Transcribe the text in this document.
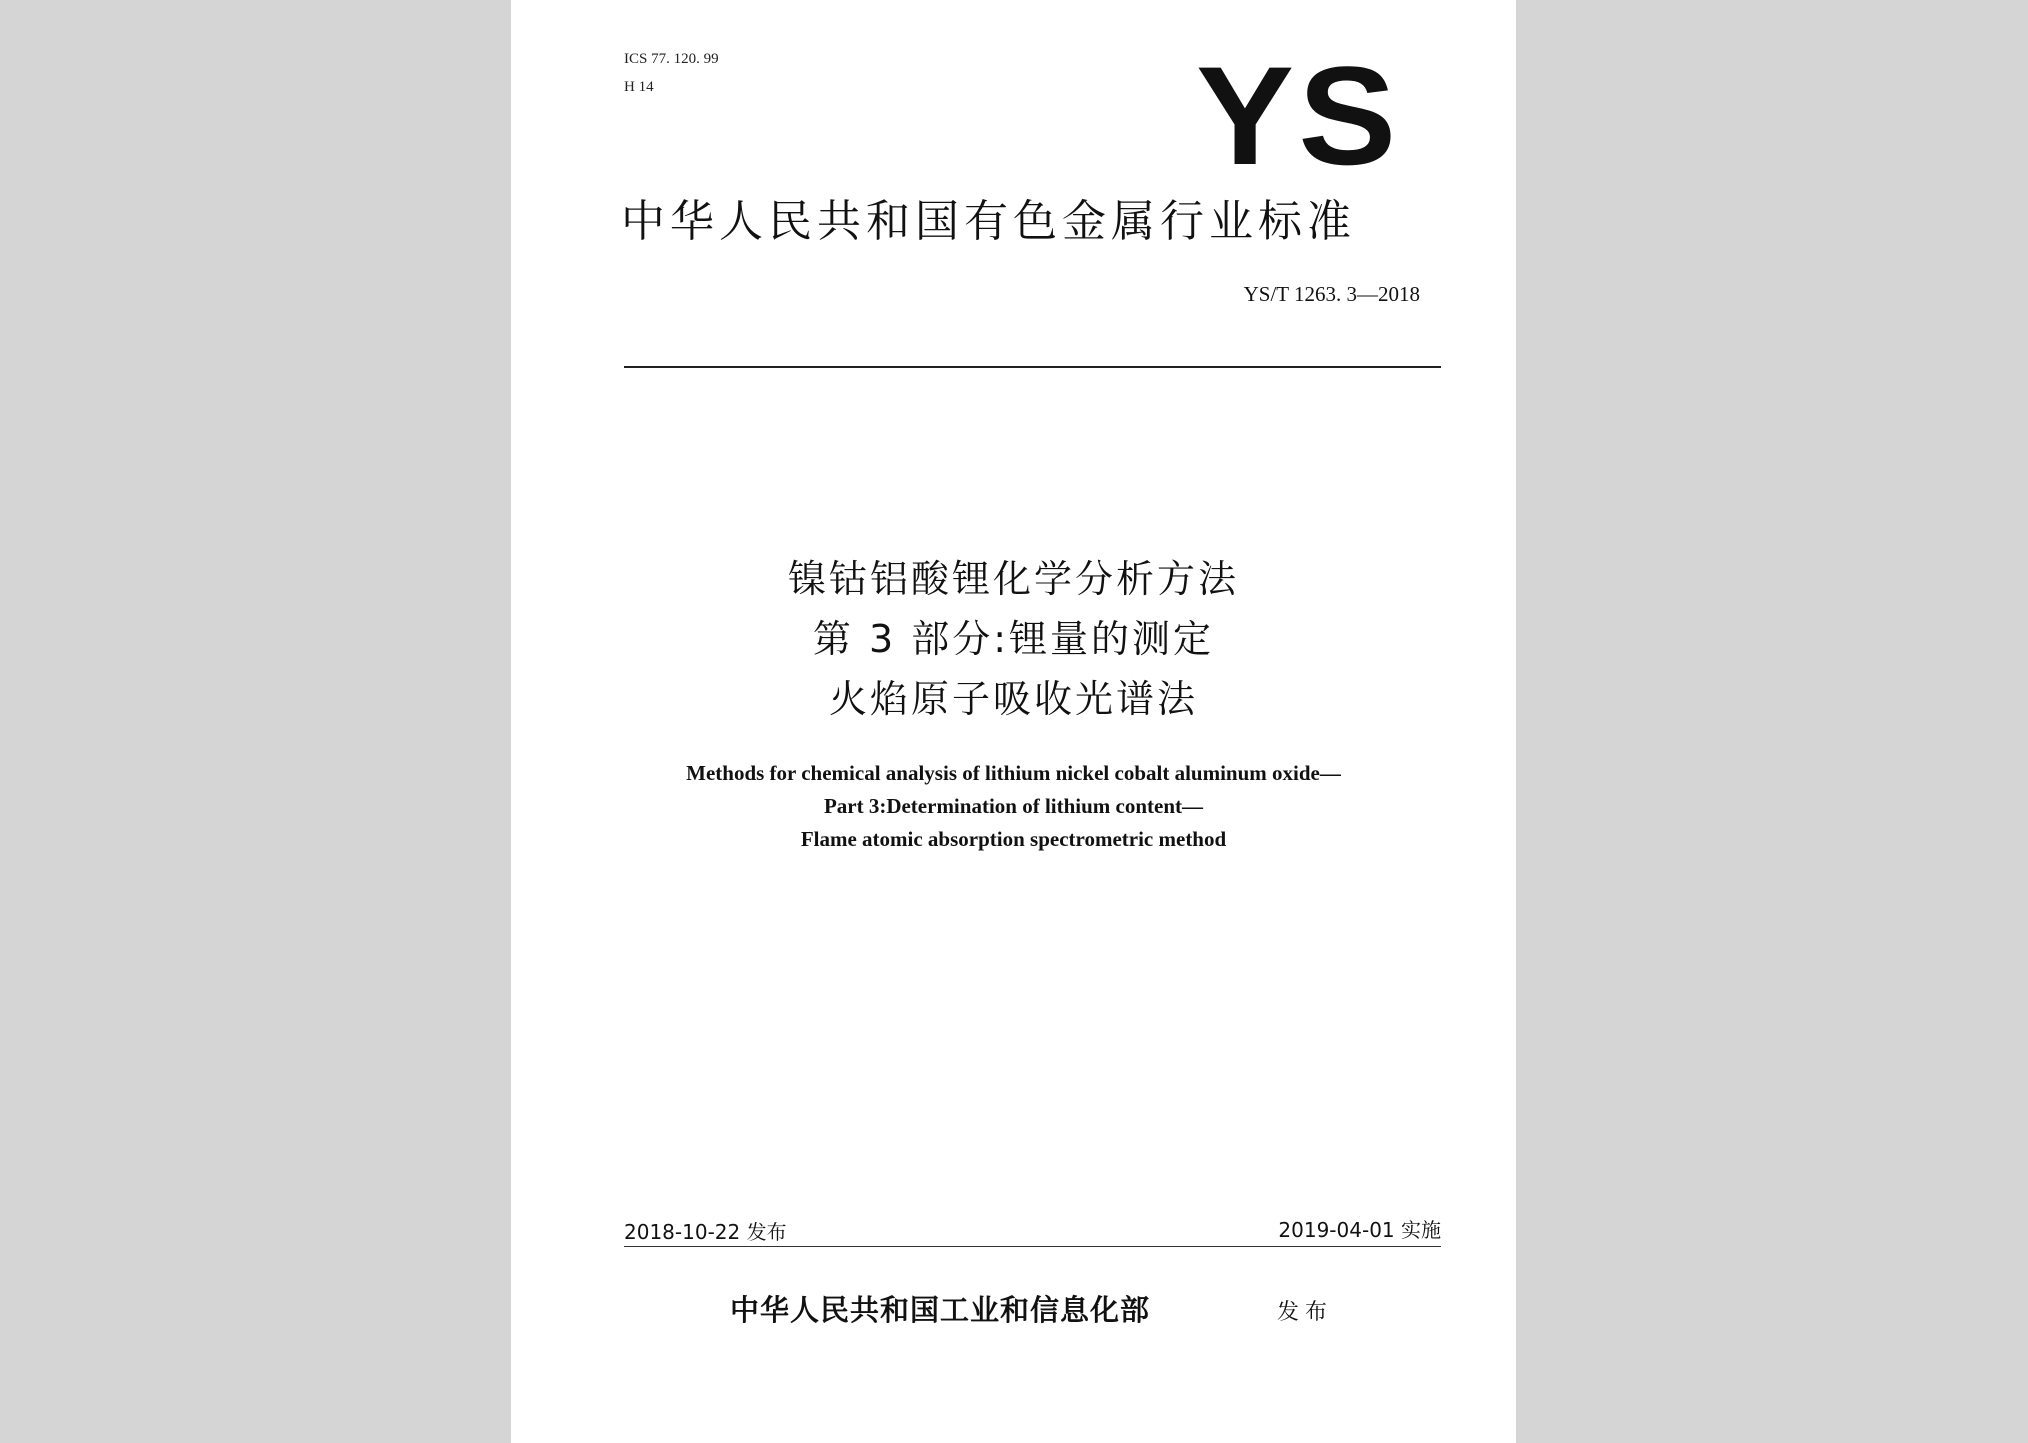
ICS 77. 120. 99
H 14	YS
中华人民共和国有色金属行业标准
YS/T 1263. 3—2018
镍钴铝酸锂化学分析方法
第 3 部分:锂量的测定
火焰原子吸收光谱法
Methods for chemical analysis of lithium nickel cobalt aluminum oxide—
Part 3:Determination of lithium content—
Flame atomic absorption spectrometric method
2018-10-22 发布	2019-04-01 实施
中华人民共和国工业和信息化部	发布
